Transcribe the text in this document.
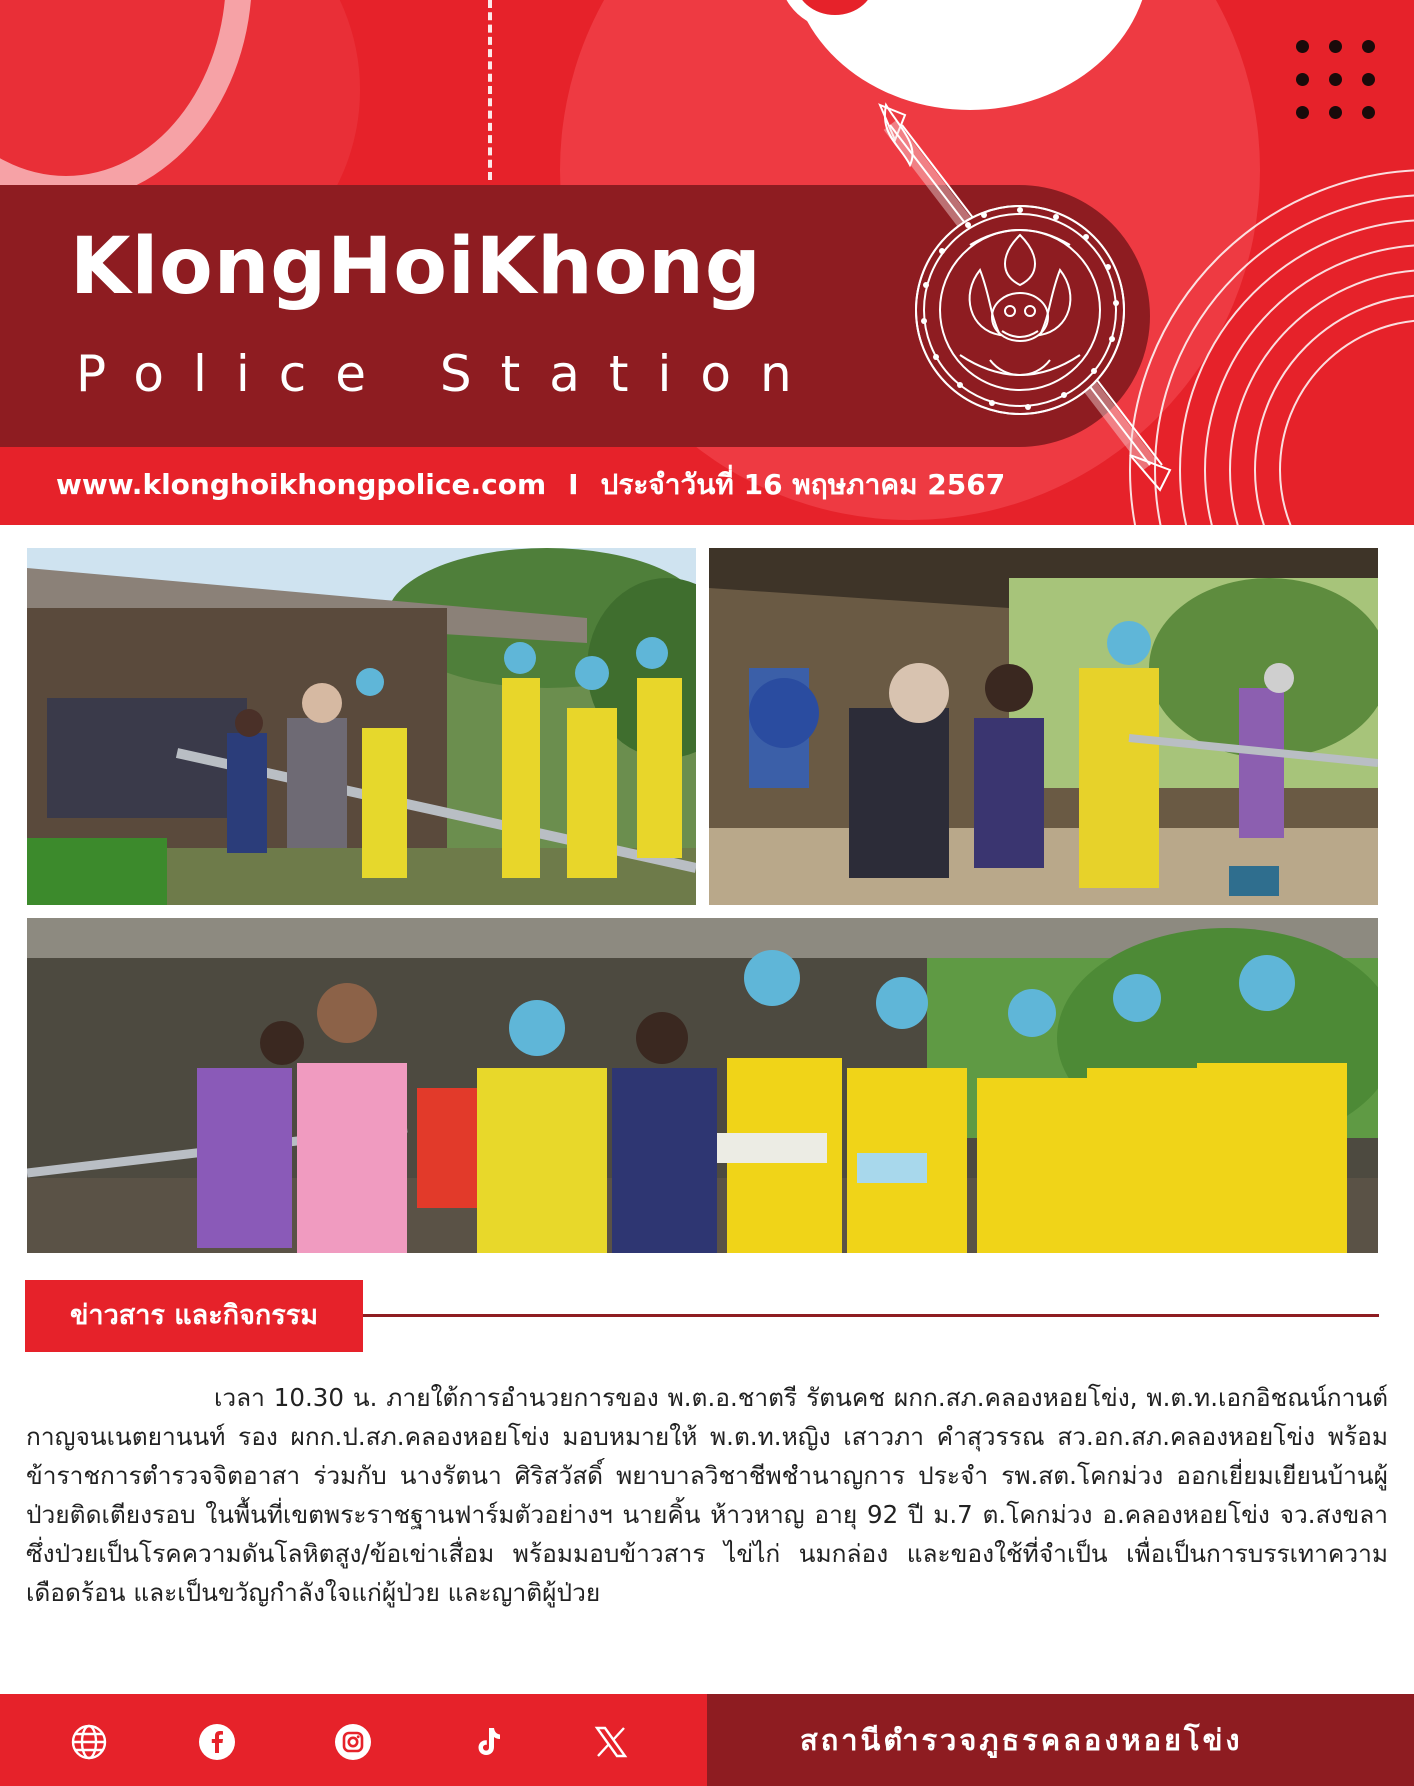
KlongHoiKhong
Police Station
www.klonghoikhongpolice.com I ประจำวันที่ 16 พฤษภาคม 2567
ข่าวสาร และกิจกรรม

เวลา 10.30 น. ภายใต้การอำนวยการของ พ.ต.อ.ชาตรี รัตนคช ผกก.สภ.คลองหอยโข่ง, พ.ต.ท.เอกอิชณน์กานต์ กาญจนเนตยานนท์ รอง ผกก.ป.สภ.คลองหอยโข่ง มอบหมายให้ พ.ต.ท.หญิง เสาวภา คำสุวรรณ สว.อก.สภ.คลองหอยโข่ง พร้อมข้าราชการตำรวจจิตอาสา ร่วมกับ นางรัตนา ศิริสวัสดิ์ พยาบาลวิชาชีพชำนาญการ ประจำ รพ.สต.โคกม่วง ออกเยี่ยมเยียนบ้านผู้ป่วยติดเตียงรอบ ในพื้นที่เขตพระราชฐานฟาร์มตัวอย่างฯ นายคิ้น ห้าวหาญ อายุ 92 ปี ม.7 ต.โคกม่วง อ.คลองหอยโข่ง จว.สงขลา ซึ่งป่วยเป็นโรคความดันโลหิตสูง/ข้อเข่าเสื่อม พร้อมมอบข้าวสาร ไข่ไก่ นมกล่อง และของใช้ที่จำเป็น เพื่อเป็นการบรรเทาความเดือดร้อน และเป็นขวัญกำลังใจแก่ผู้ป่วย และญาติผู้ป่วย

สถานีตำรวจภูธรคลองหอยโข่ง
